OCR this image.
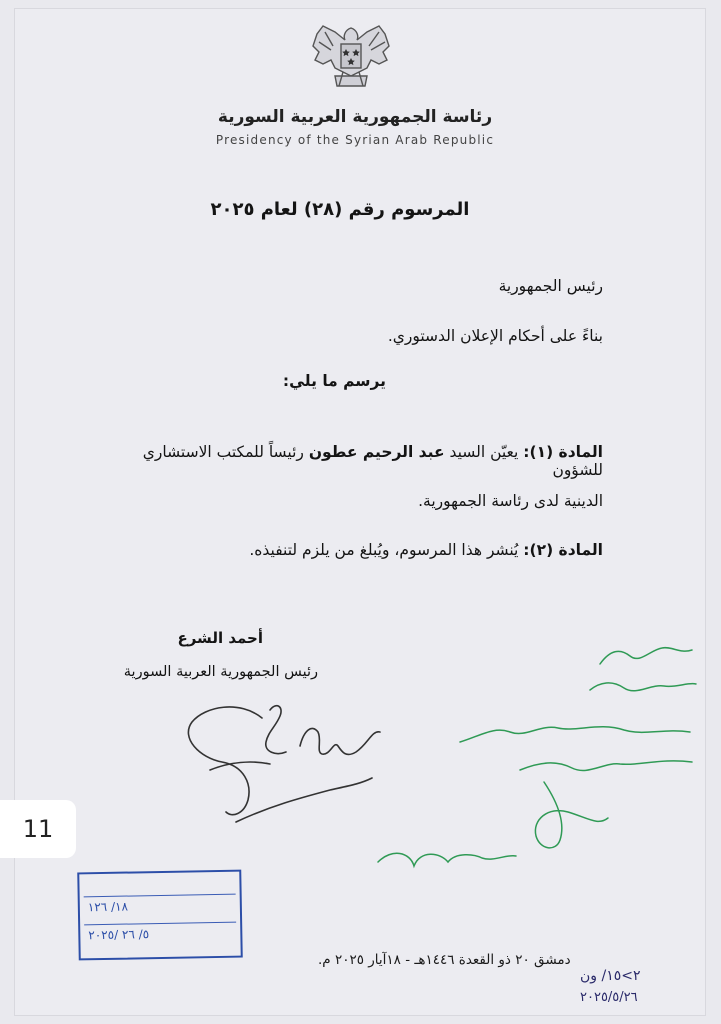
رئاسة الجمهورية العربية السورية
Presidency of the Syrian Arab Republic
المرسوم رقم (٢٨) لعام ٢٠٢٥
رئيس الجمهورية
بناءً على أحكام الإعلان الدستوري.
يرسم ما يلي:
المادة (١): يعيّن السيد عبد الرحيم عطون رئيساً للمكتب الاستشاري للشؤون
الدينية لدى رئاسة الجمهورية.
المادة (٢): يُنشر هذا المرسوم، ويُبلغ من يلزم لتنفيذه.
أحمد الشرع
رئيس الجمهورية العربية السورية
11
١٨/ ١٢٦
٥/ ٢٦ /٢٠٢٥
دمشق ٢٠ ذو القعدة ١٤٤٦هـ - ١٨آيار ٢٠٢٥ م.
٢>١٥/ ون
٢٠٢٥/٥/٢٦
